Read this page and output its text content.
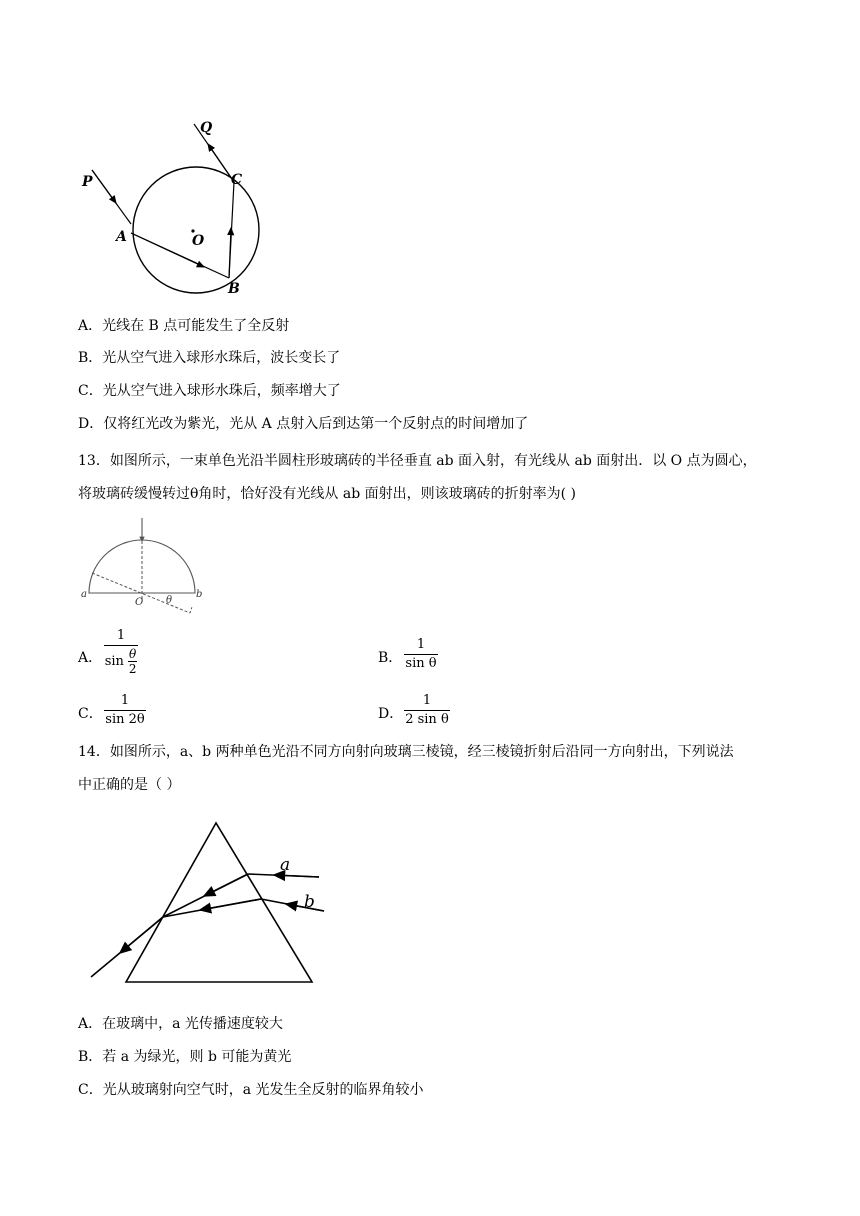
P
Q
C
A	O
B
A．光线在 B 点可能发生了全反射
B．光从空气进入球形水珠后，波长变长了
C．光从空气进入球形水珠后，频率增大了
D．仅将红光改为紫光，光从 A 点射入后到达第一个反射点的时间增加了
13．如图所示，一束单色光沿半圆柱形玻璃砖的半径垂直 ab 面入射，有光线从 ab 面射出．以 O 点为圆心，
将玻璃砖缓慢转过θ角时，恰好没有光线从 ab 面射出，则该玻璃砖的折射率为( )
a
O θ
b
A．
1
$\sin \frac{\theta}{2}$	B．
1
sin θ
C．
1
sin 2θ	D．
1
2 sin θ
14．如图所示，a、b 两种单色光沿不同方向射向玻璃三棱镜，经三棱镜折射后沿同一方向射出，下列说法
中正确的是（ ）
a
b
A．在玻璃中，a 光传播速度较大
B．若 a 为绿光，则 b 可能为黄光
C．光从玻璃射向空气时，a 光发生全反射的临界角较小
